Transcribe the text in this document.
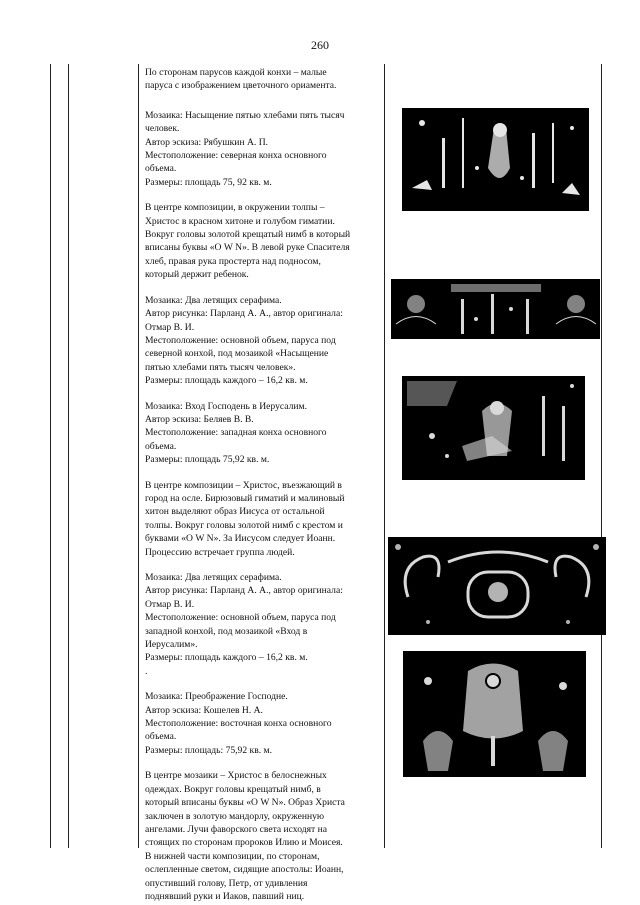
260

По сторонам парусов каждой конхи – малые
паруса с изображением цветочного ориамента.

Мозаика: Насыщение пятью хлебами пять тысяч
человек.
Автор эскиза: Рябушкин А. П.
Местоположение: северная конха основного
объема.
Размеры: площадь 75, 92 кв. м.

В центре композиции, в окружении толпы –
Христос в красном хитоне и голубом гиматии.
Вокруг головы золотой крещатый нимб в который
вписаны буквы «О W N». В левой руке Спасителя
хлеб, правая рука простерта над подносом,
который держит ребенок.

Мозаика: Два летящих серафима.
Автор рисунка: Парланд А. А., автор оригинала:
Отмар В. И.
Местоположение: основной объем, паруса под
северной конхой, под мозаикой «Насыщение
пятью хлебами пять тысяч человек».
Размеры: площадь каждого – 16,2 кв. м.

Мозаика: Вход Господень в Иерусалим.
Автор эскиза: Беляев В. В.
Местоположение: западная конха основного
объема.
Размеры: площадь 75,92 кв. м.

В центре композиции – Христос, въезжающий в
город на осле. Бирюзовый гиматий и малиновый
хитон выделяют образ Иисуса от остальной
толпы. Вокруг головы золотой нимб с крестом и
буквами «О W N». За Иисусом следует Иоанн.
Процессию встречает группа людей.

Мозаика: Два летящих серафима.
Автор рисунка: Парланд А. А., автор оригинала:
Отмар В. И.
Местоположение: основной объем, паруса под
западной конхой, под мозаикой «Вход в
Иерусалим».
Размеры: площадь каждого – 16,2 кв. м.
.

Мозаика: Преображение Господне.
Автор эскиза: Кошелев Н. А.
Местоположение: восточная конха основного
объема.
Размеры: площадь: 75,92 кв. м.

В центре мозаики – Христос в белоснежных
одеждах. Вокруг головы крещатый нимб, в
который вписаны буквы «О W N». Образ Христа
заключен в золотую мандорлу, окруженную
ангелами. Лучи фаворского света исходят на
стоящих по сторонам пророков Илию и Моисея.
В нижней части композиции, по сторонам,
ослепленные светом, сидящие апостолы: Иоанн,
опустивший голову, Петр, от удивления
поднявший руки и Иаков, павший ниц.
